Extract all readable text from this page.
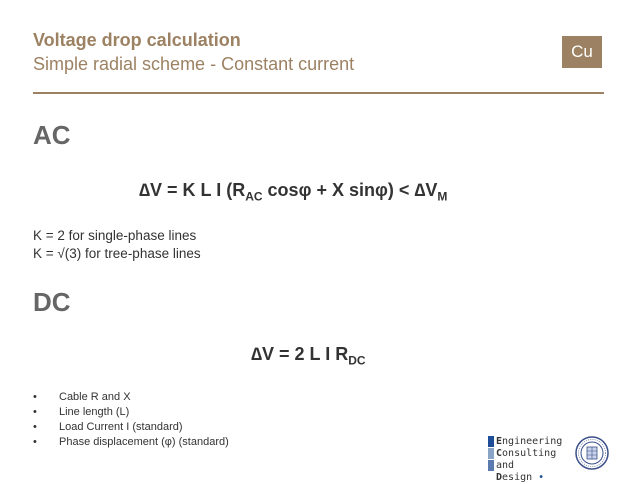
Voltage drop calculation
Simple radial scheme - Constant current
Cu
AC
∆V = K L I ($R_{AC}$ cosφ + X $\sin\varphi) < \Delta V_M$
K = 2 for single-phase lines
K = √(3) for tree-phase lines
DC
∆V = 2 L I $R_{DC}$
• Cable R and X
• Line length (L)
• Load Current I (standard)
• Phase displacement (φ) (standard)	Engineering
Consulting and
Design •
